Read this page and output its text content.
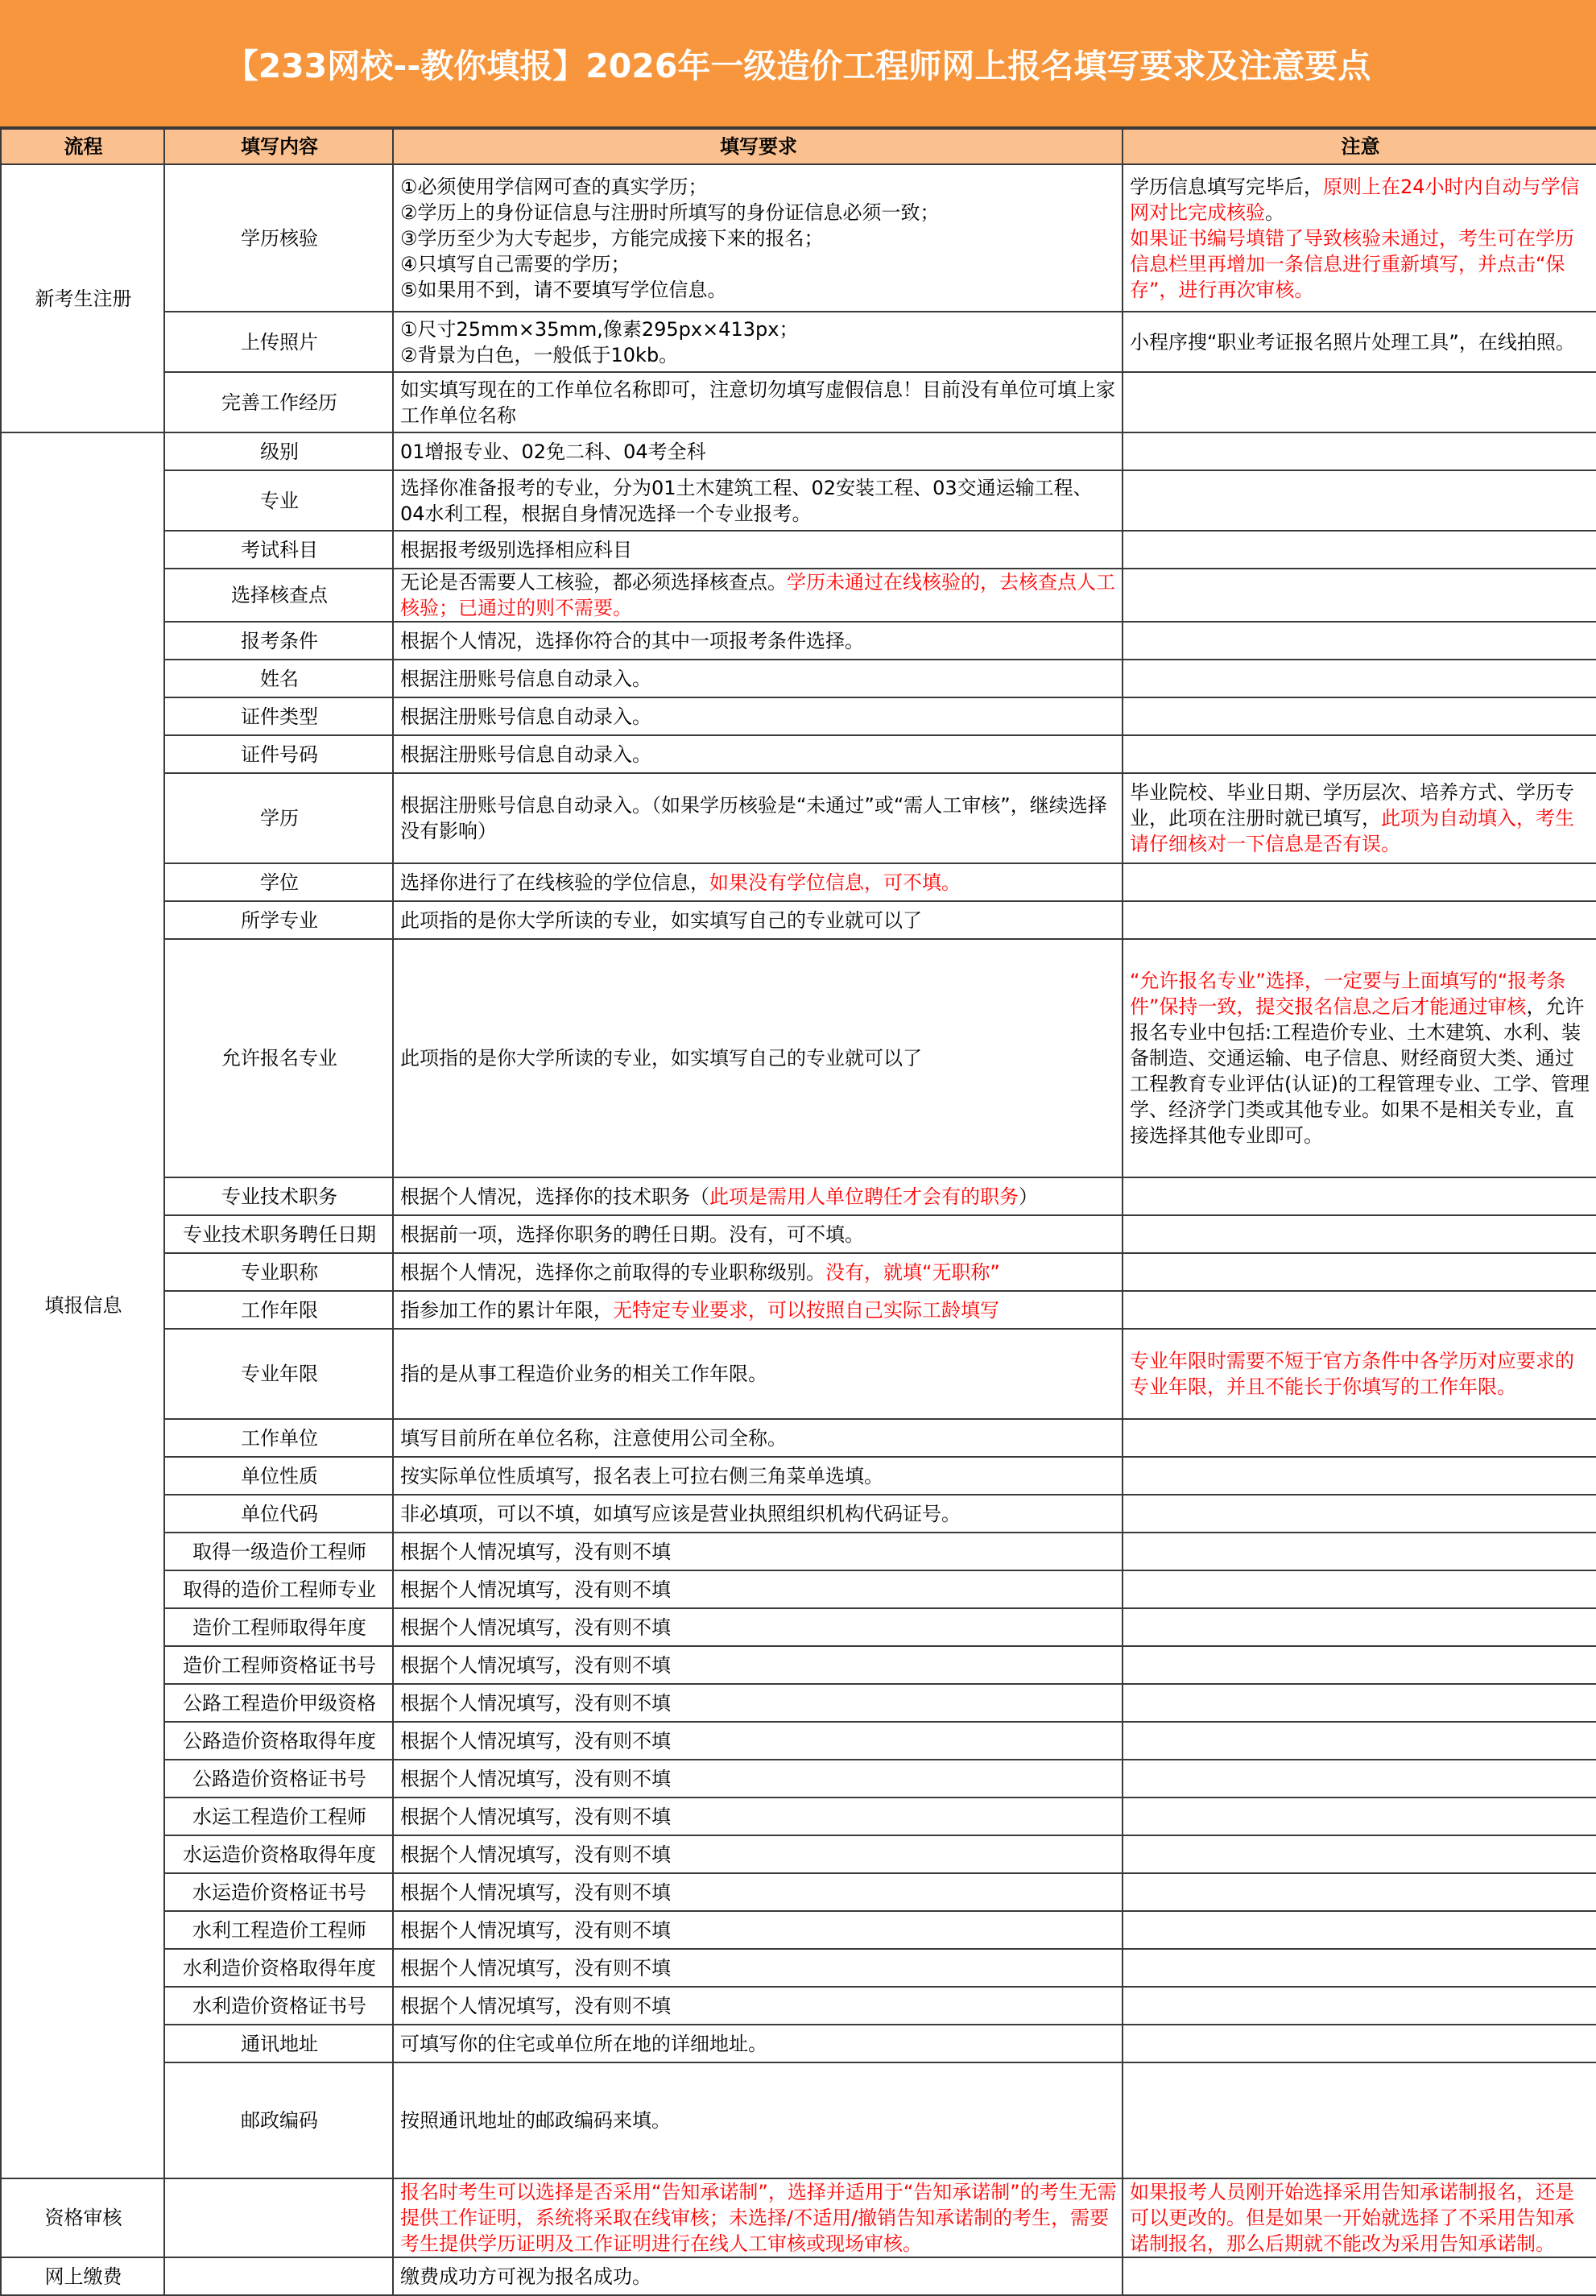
【233网校--教你填报】2026年一级造价工程师网上报名填写要求及注意要点
流程	填写内容	填写要求	注意
新考生注册	学历核验	①必须使用学信网可查的真实学历；
②学历上的身份证信息与注册时所填写的身份证信息必须一致；
③学历至少为大专起步，方能完成接下来的报名；
④只填写自己需要的学历；
⑤如果用不到，请不要填写学位信息。	学历信息填写完毕后，原则上在24小时内自动与学信网对比完成核验。
如果证书编号填错了导致核验未通过，考生可在学历信息栏里再增加一条信息进行重新填写，并点击“保存”，进行再次审核。
	上传照片	①尺寸25mm×35mm,像素295px×413px；
②背景为白色，一般低于10kb。	小程序搜“职业考证报名照片处理工具”，在线拍照。
	完善工作经历	如实填写现在的工作单位名称即可，注意切勿填写虚假信息！目前没有单位可填上家工作单位名称	
填报信息	级别	01增报专业、02免二科、04考全科	
	专业	选择你准备报考的专业，分为01土木建筑工程、02安装工程、03交通运输工程、04水利工程，根据自身情况选择一个专业报考。	
	考试科目	根据报考级别选择相应科目	
	选择核查点	无论是否需要人工核验，都必须选择核查点。学历未通过在线核验的，去核查点人工核验；已通过的则不需要。	
	报考条件	根据个人情况，选择你符合的其中一项报考条件选择。	
	姓名	根据注册账号信息自动录入。	
	证件类型	根据注册账号信息自动录入。	
	证件号码	根据注册账号信息自动录入。	
	学历	根据注册账号信息自动录入。（如果学历核验是“未通过”或“需人工审核”，继续选择没有影响）	毕业院校、毕业日期、学历层次、培养方式、学历专业，此项在注册时就已填写，此项为自动填入，考生请仔细核对一下信息是否有误。
	学位	选择你进行了在线核验的学位信息，如果没有学位信息，可不填。	
	所学专业	此项指的是你大学所读的专业，如实填写自己的专业就可以了	
	允许报名专业	此项指的是你大学所读的专业，如实填写自己的专业就可以了	“允许报名专业”选择，一定要与上面填写的“报考条件”保持一致，提交报名信息之后才能通过审核，允许报名专业中包括:工程造价专业、土木建筑、水利、装备制造、交通运输、电子信息、财经商贸大类、通过工程教育专业评估(认证)的工程管理专业、工学、管理学、经济学门类或其他专业。如果不是相关专业，直接选择其他专业即可。
	专业技术职务	根据个人情况，选择你的技术职务（此项是需用人单位聘任才会有的职务）	
	专业技术职务聘任日期	根据前一项，选择你职务的聘任日期。没有，可不填。	
	专业职称	根据个人情况，选择你之前取得的专业职称级别。没有，就填“无职称”	
	工作年限	指参加工作的累计年限，无特定专业要求，可以按照自己实际工龄填写	
	专业年限	指的是从事工程造价业务的相关工作年限。	专业年限时需要不短于官方条件中各学历对应要求的专业年限，并且不能长于你填写的工作年限。
	工作单位	填写目前所在单位名称，注意使用公司全称。	
	单位性质	按实际单位性质填写，报名表上可拉右侧三角菜单选填。	
	单位代码	非必填项，可以不填，如填写应该是营业执照组织机构代码证号。	
	取得一级造价工程师	根据个人情况填写，没有则不填	
	取得的造价工程师专业	根据个人情况填写，没有则不填	
	造价工程师取得年度	根据个人情况填写，没有则不填	
	造价工程师资格证书号	根据个人情况填写，没有则不填	
	公路工程造价甲级资格	根据个人情况填写，没有则不填	
	公路造价资格取得年度	根据个人情况填写，没有则不填	
	公路造价资格证书号	根据个人情况填写，没有则不填	
	水运工程造价工程师	根据个人情况填写，没有则不填	
	水运造价资格取得年度	根据个人情况填写，没有则不填	
	水运造价资格证书号	根据个人情况填写，没有则不填	
	水利工程造价工程师	根据个人情况填写，没有则不填	
	水利造价资格取得年度	根据个人情况填写，没有则不填	
	水利造价资格证书号	根据个人情况填写，没有则不填	
	通讯地址	可填写你的住宅或单位所在地的详细地址。	
	邮政编码	按照通讯地址的邮政编码来填。	
资格审核		报名时考生可以选择是否采用“告知承诺制”，选择并适用于“告知承诺制”的考生无需提供工作证明，系统将采取在线审核；未选择/不适用/撤销告知承诺制的考生，需要考生提供学历证明及工作证明进行在线人工审核或现场审核。	如果报考人员刚开始选择采用告知承诺制报名，还是可以更改的。但是如果一开始就选择了不采用告知承诺制报名，那么后期就不能改为采用告知承诺制。
网上缴费		缴费成功方可视为报名成功。	
